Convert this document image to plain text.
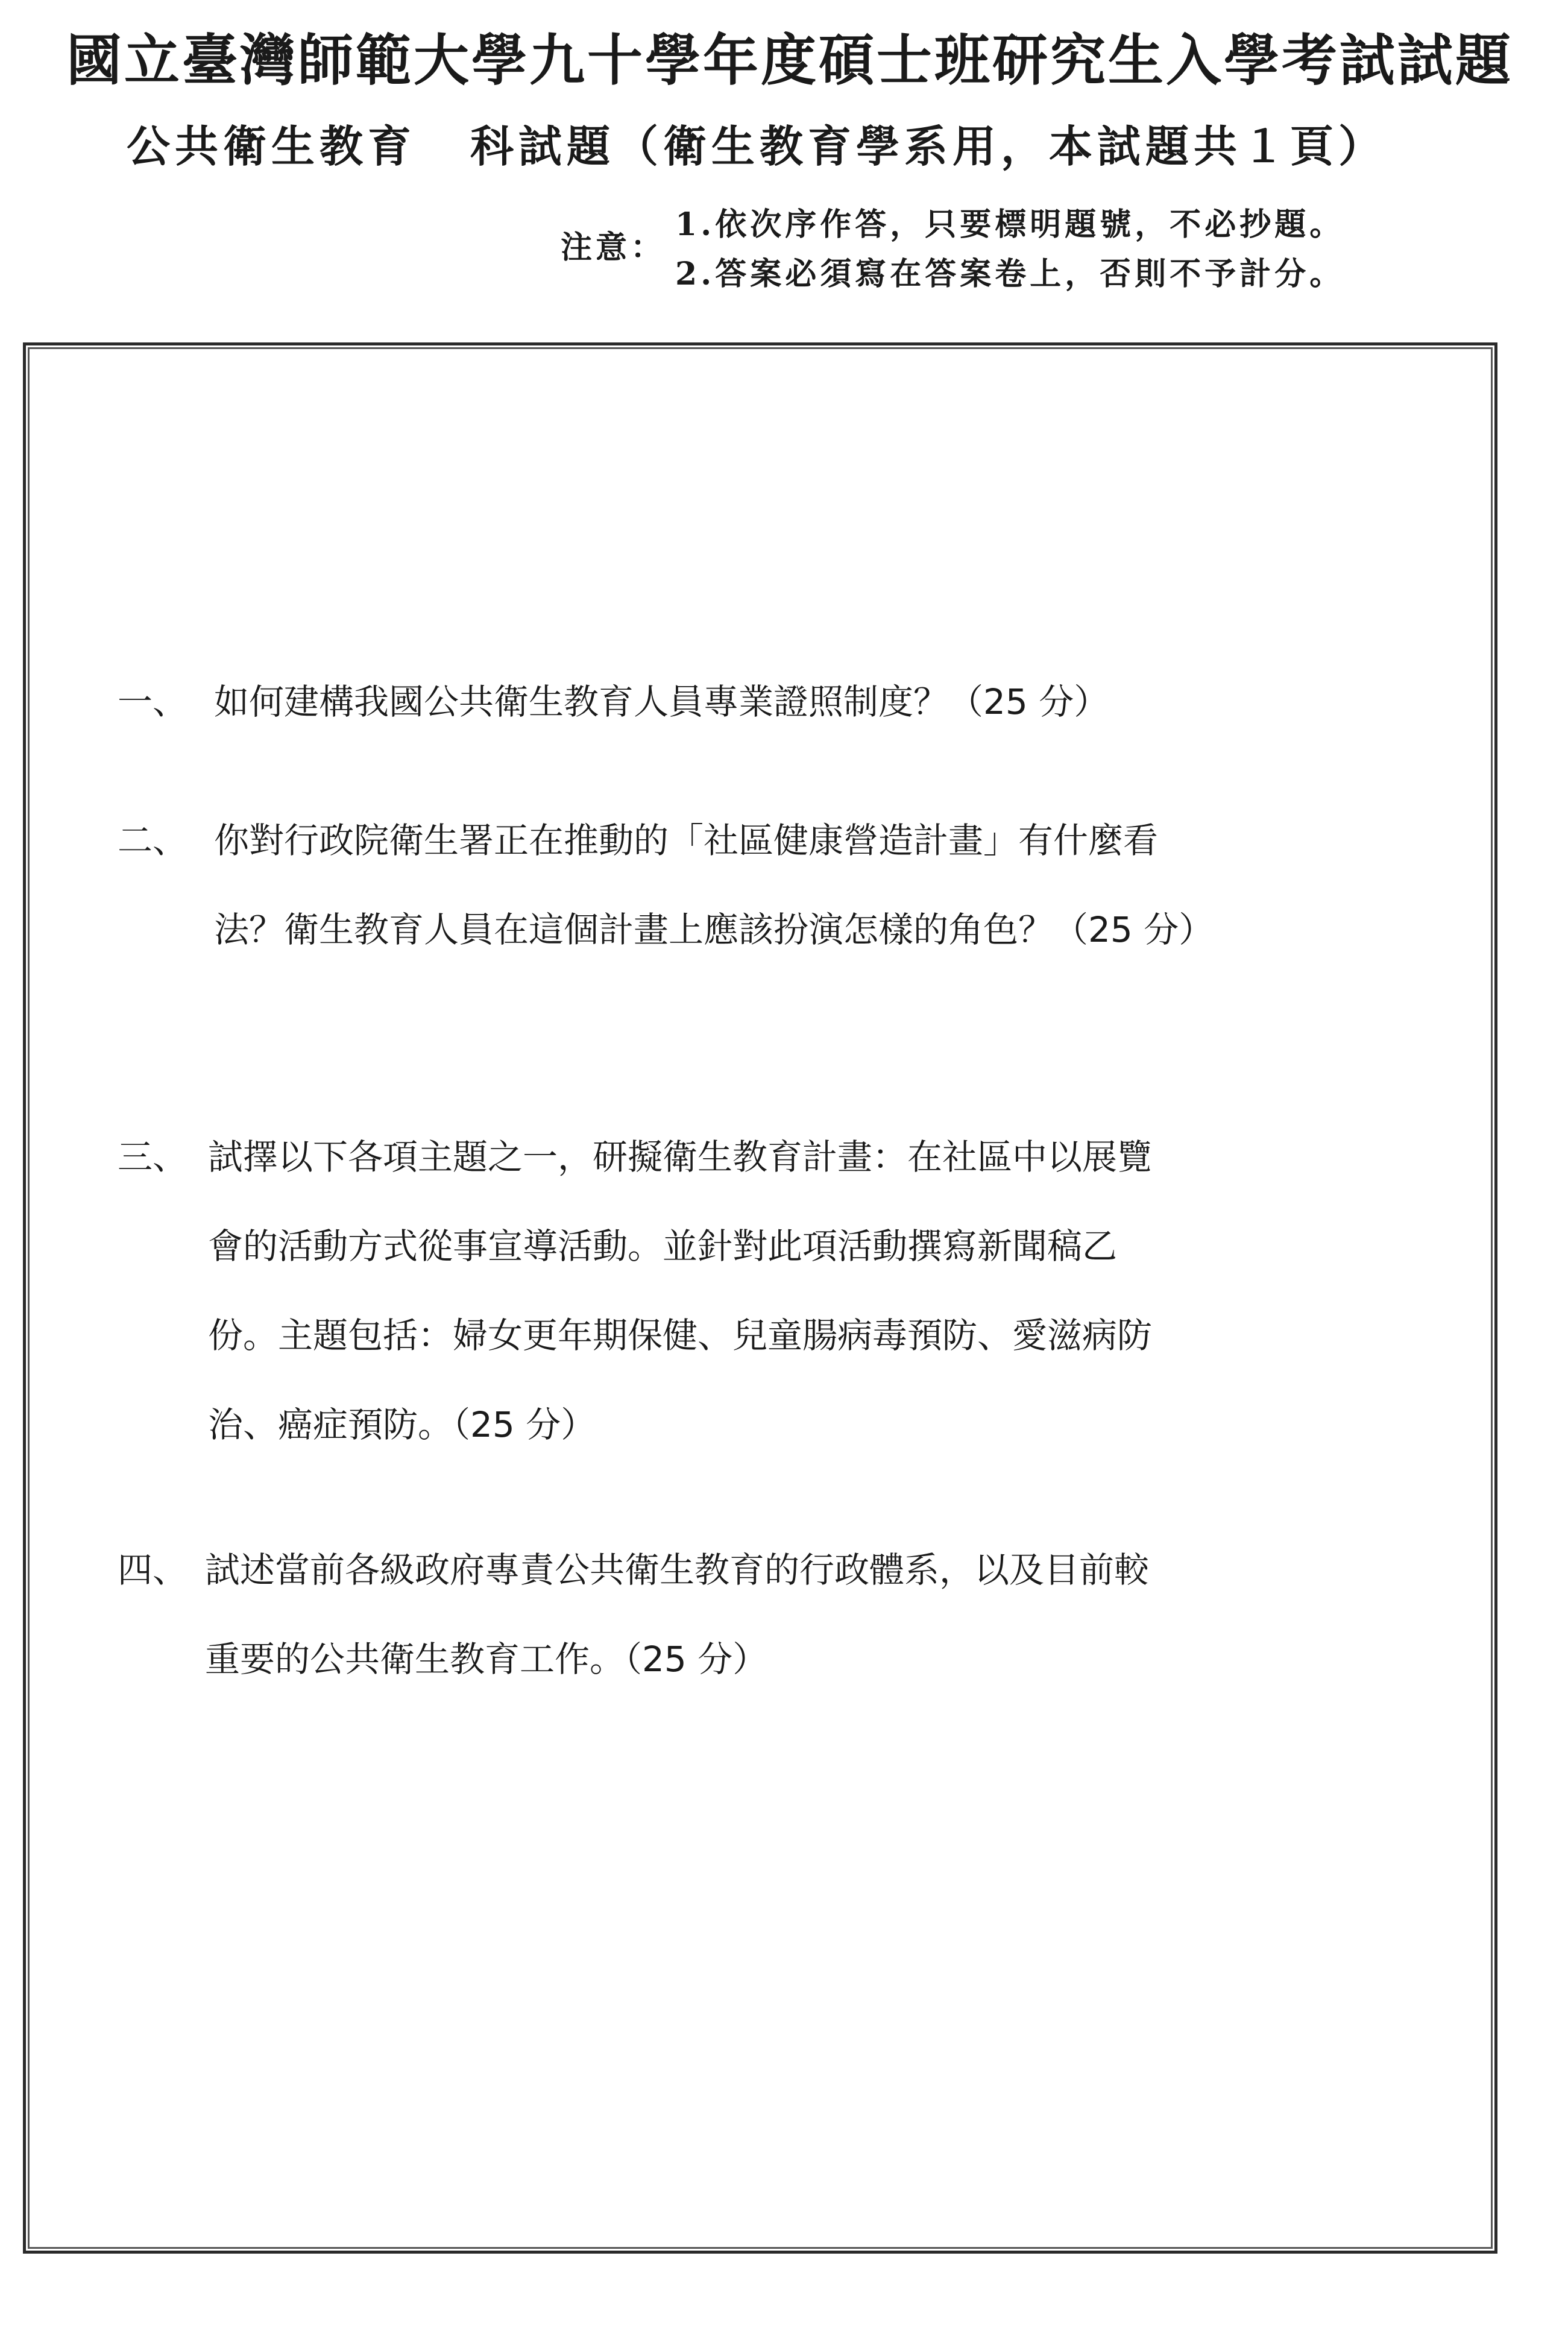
國立臺灣師範大學九十學年度碩士班研究生入學考試試題
公共衛生教育 科試題（衛生教育學系用，本試題共１頁）
注意：
1.依次序作答，只要標明題號，不必抄題。
2.答案必須寫在答案卷上，否則不予計分。
一、 如何建構我國公共衛生教育人員專業證照制度？（25 分）
二、 你對行政院衛生署正在推動的「社區健康營造計畫」有什麼看
法？衛生教育人員在這個計畫上應該扮演怎樣的角色？（25 分）
三、 試擇以下各項主題之一，研擬衛生教育計畫：在社區中以展覽
會的活動方式從事宣導活動。並針對此項活動撰寫新聞稿乙
份。主題包括：婦女更年期保健、兒童腸病毒預防、愛滋病防
治、癌症預防。（25 分）
四、 試述當前各級政府專責公共衛生教育的行政體系，以及目前較
重要的公共衛生教育工作。（25 分）
